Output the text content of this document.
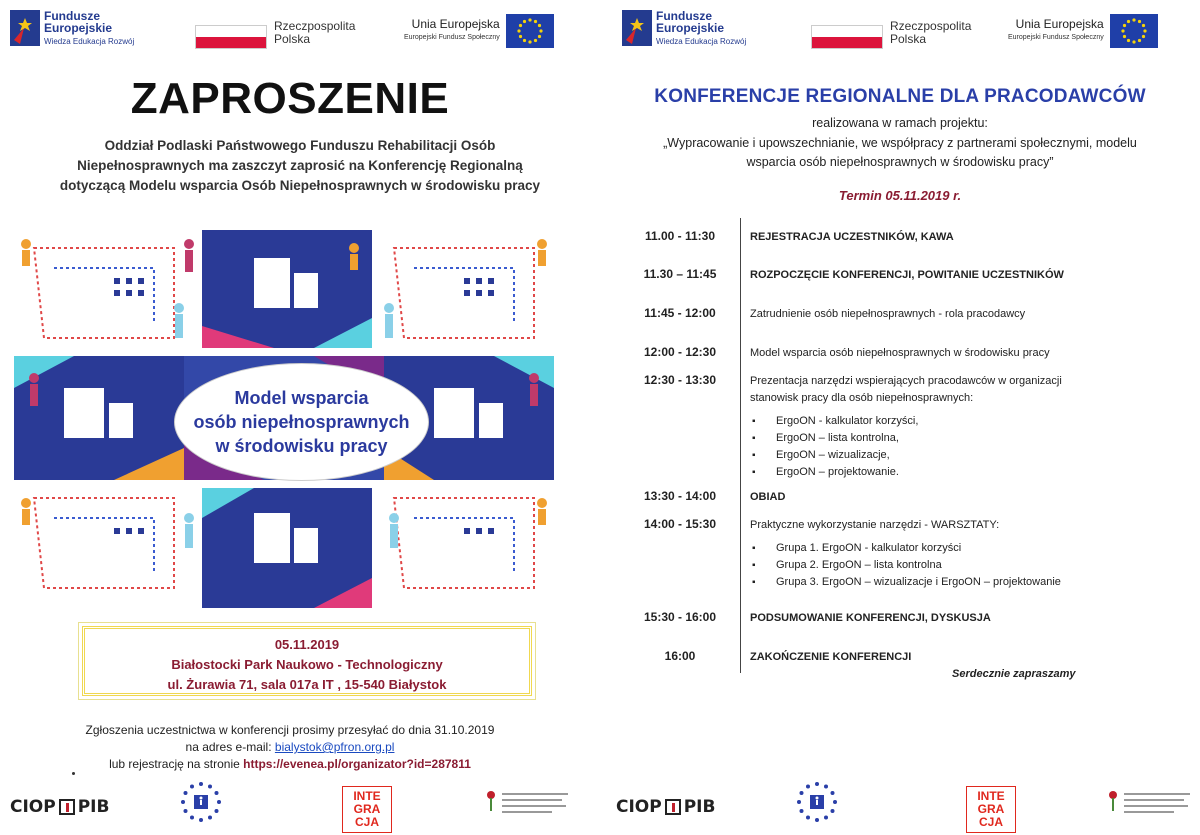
Fundusze
Europejskie
Wiedza Edukacja Rozwój
Rzeczpospolita
Polska
Unia Europejska
Europejski Fundusz Społeczny
ZAPROSZENIE
Oddział Podlaski Państwowego Funduszu Rehabilitacji Osób
Niepełnosprawnych ma zaszczyt zaprosić na Konferencję Regionalną
dotyczącą Modelu wsparcia Osób Niepełnosprawnych w środowisku pracy
Model wsparcia
osób niepełnosprawnych
w środowisku pracy
05.11.2019
Białostocki Park Naukowo - Technologiczny
ul. Żurawia 71, sala 017a IT , 15-540 Białystok
Zgłoszenia uczestnictwa w konferencji prosimy przesyłać do dnia 31.10.2019
na adres e-mail: bialystok@pfron.org.pl
lub rejestrację na stronie https://evenea.pl/organizator?id=287811
CIOP PIB
INTE
GRA
CJA
Fundusze
Europejskie
Wiedza Edukacja Rozwój
Rzeczpospolita
Polska
Unia Europejska
Europejski Fundusz Społeczny
KONFERENCJE REGIONALNE DLA PRACODAWCÓW
realizowana w ramach projektu:
„Wypracowanie i upowszechnianie, we współpracy z partnerami społecznymi, modelu
wsparcia osób niepełnosprawnych w środowisku pracy”
Termin 05.11.2019 r.
11.00 - 11:30	REJESTRACJA UCZESTNIKÓW, KAWA
11.30 – 11:45	ROZPOCZĘCIE KONFERENCJI, POWITANIE UCZESTNIKÓW
11:45 - 12:00	Zatrudnienie osób niepełnosprawnych - rola pracodawcy
12:00 - 12:30	Model wsparcia osób niepełnosprawnych w środowisku pracy
12:30 - 13:30	Prezentacja narzędzi wspierających pracodawców w organizacji stanowisk pracy dla osób niepełnosprawnych:
▪ ErgoON - kalkulator korzyści,
▪ ErgoON – lista kontrolna,
▪ ErgoON – wizualizacje,
▪ ErgoON – projektowanie.
13:30 - 14:00	OBIAD
14:00 - 15:30	Praktyczne wykorzystanie narzędzi - WARSZTATY:
▪ Grupa 1. ErgoON - kalkulator korzyści
▪ Grupa 2. ErgoON – lista kontrolna
▪ Grupa 3. ErgoON – wizualizacje i ErgoON – projektowanie
15:30 - 16:00	PODSUMOWANIE KONFERENCJI, DYSKUSJA
16:00	ZAKOŃCZENIE KONFERENCJI
Serdecznie zapraszamy
CIOP PIB
INTE
GRA
CJA
